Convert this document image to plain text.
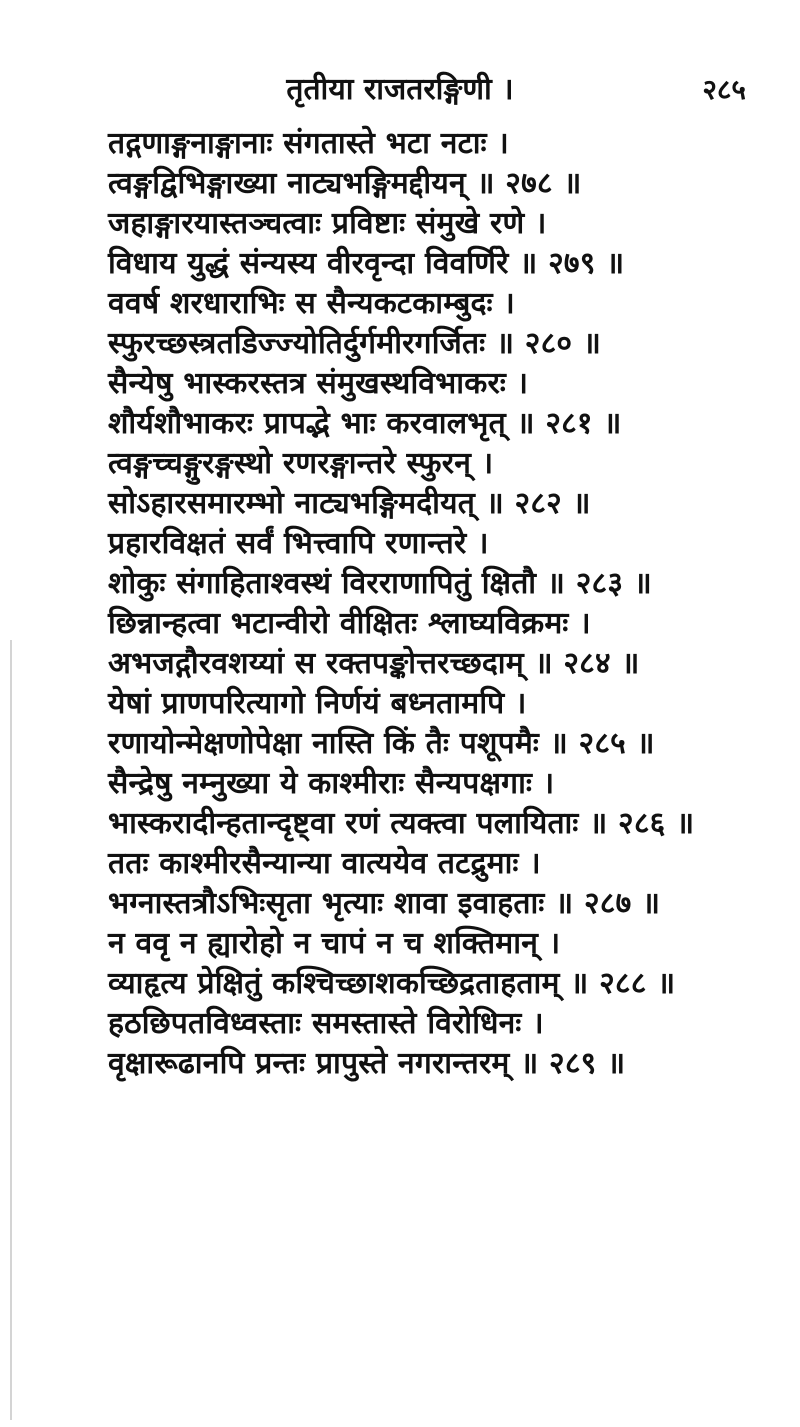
तृतीया राजतरङ्गिणी ।	२८५
तद्गणाङ्गनाङ्गानाः संगतास्ते भटा नटाः ।
त्वङ्गद्विभिङ्गाख्या नाट्यभङ्गिमद्दीयन् ॥ २७८ ॥
जहाङ्गारयास्तञ्चत्वाः प्रविष्टाः संमुखे रणे ।
विधाय युद्धं संन्यस्य वीरवृन्दा विवर्णिरे ॥ २७९ ॥
ववर्ष शरधाराभिः स सैन्यकटकाम्बुदः ।
स्फुरच्छस्त्रतडिज्ज्योतिर्दुर्गमीरगर्जितः ॥ २८० ॥
सैन्येषु भास्करस्तत्र संमुखस्थविभाकरः ।
शौर्यशौभाकरः प्रापद्भे भाः करवालभृत् ॥ २८१ ॥
त्वङ्गच्चङ्गुरङ्गस्थो रणरङ्गान्तरे स्फुरन् ।
सोऽहारसमारम्भो नाट्यभङ्गिमदीयत् ॥ २८२ ॥
प्रहारविक्षतं सर्वं भित्त्वापि रणान्तरे ।
शोकुः संगाहिताश्वस्थं विरराणापितुं क्षितौ ॥ २८३ ॥
छिन्नान्हत्वा भटान्वीरो वीक्षितः श्लाघ्यविक्रमः ।
अभजद्गौरवशय्यां स रक्तपङ्कोत्तरच्छदाम् ॥ २८४ ॥
येषां प्राणपरित्यागो निर्णयं बध्नतामपि ।
रणायोन्मेक्षणोपेक्षा नास्ति किं तैः पशूपमैः ॥ २८५ ॥
सैन्द्रेषु नम्नुख्या ये काश्मीराः सैन्यपक्षगाः ।
भास्करादीन्हतान्दृष्ट्वा रणं त्यक्त्वा पलायिताः ॥ २८६ ॥
ततः काश्मीरसैन्यान्या वात्ययेव तटद्रुमाः ।
भग्नास्तत्रौऽभिःसृता भृत्याः शावा इवाहताः ॥ २८७ ॥
न ववृ न ह्यारोहो न चापं न च शक्तिमान् ।
व्याहृत्य प्रेक्षितुं कश्चिच्छाशकच्छिद्रताहताम् ॥ २८८ ॥
हठछिपतविध्वस्ताः समस्तास्ते विरोधिनः ।
वृक्षारूढानपि प्रन्तः प्रापुस्ते नगरान्तरम् ॥ २८९ ॥
